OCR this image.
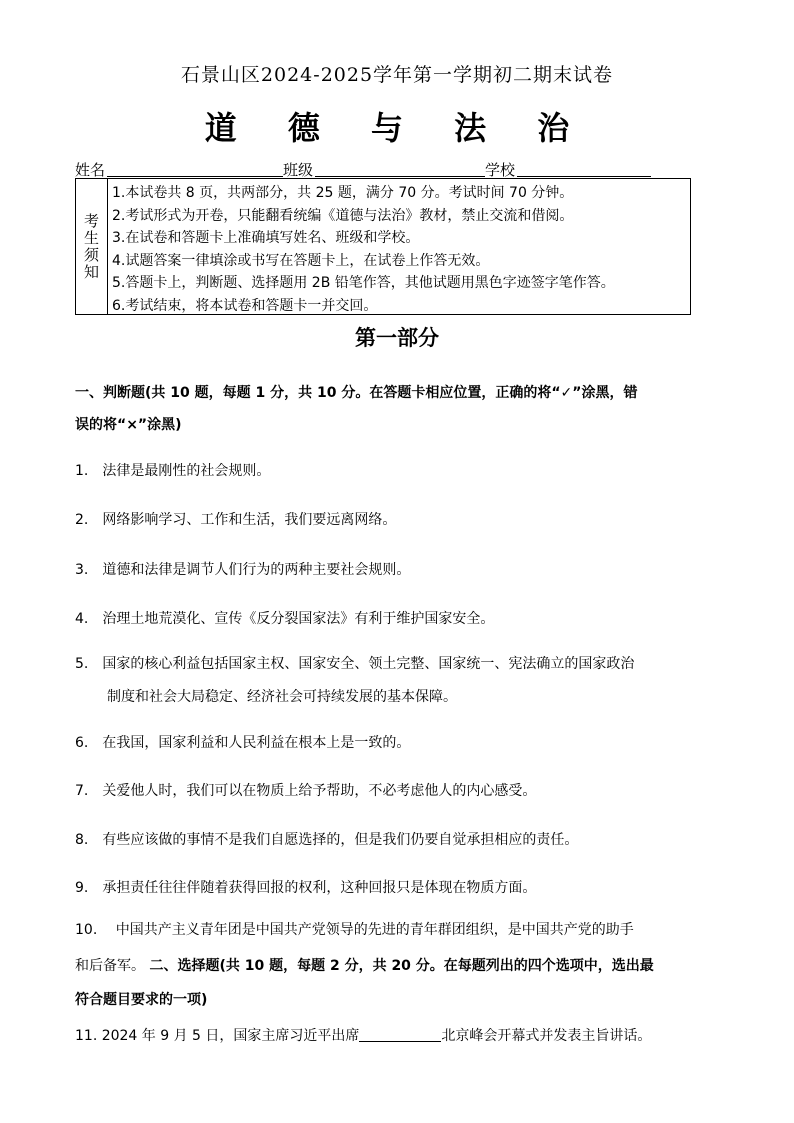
石景山区2024-2025学年第一学期初二期末试卷
道 德 与 法 治
姓名	班级	学校
考生须知
1.本试卷共 8 页，共两部分，共 25 题，满分 70 分。考试时间 70 分钟。
2.考试形式为开卷，只能翻看统编《道德与法治》教材，禁止交流和借阅。
3.在试卷和答题卡上准确填写姓名、班级和学校。
4.试题答案一律填涂或书写在答题卡上，在试卷上作答无效。
5.答题卡上，判断题、选择题用 2B 铅笔作答，其他试题用黑色字迹签字笔作答。
6.考试结束，将本试卷和答题卡一并交回。
第一部分
一、判断题(共 10 题，每题 1 分，共 10 分。在答题卡相应位置，正确的将“✓”涂黑，错
误的将“×”涂黑)
1.　法律是最刚性的社会规则。
2.　网络影响学习、工作和生活，我们要远离网络。
3.　道德和法律是调节人们行为的两种主要社会规则。
4.　治理土地荒漠化、宣传《反分裂国家法》有利于维护国家安全。
5.　国家的核心利益包括国家主权、国家安全、领土完整、国家统一、宪法确立的国家政治
制度和社会大局稳定、经济社会可持续发展的基本保障。
6.　在我国，国家利益和人民利益在根本上是一致的。
7.　关爱他人时，我们可以在物质上给予帮助，不必考虑他人的内心感受。
8.　有些应该做的事情不是我们自愿选择的，但是我们仍要自觉承担相应的责任。
9.　承担责任往往伴随着获得回报的权利，这种回报只是体现在物质方面。
10.　 中国共产主义青年团是中国共产党领导的先进的青年群团组织，是中国共产党的助手
和后备军。 二、选择题(共 10 题，每题 2 分，共 20 分。在每题列出的四个选项中，选出最
符合题目要求的一项)
11. 2024 年 9 月 5 日，国家主席习近平出席	北京峰会开幕式并发表主旨讲话。
